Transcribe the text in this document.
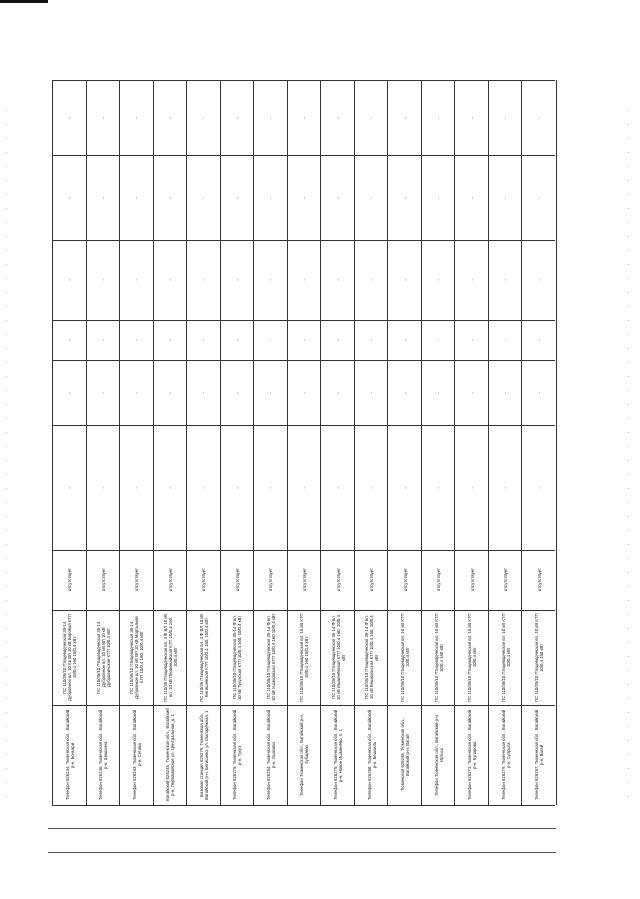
Телефон 626244, Тюменская обл., Вагайский р-н, Бочкари
ПС 110/35/10 Птицеводческая 35-14 Дубровное вл. 10 Кв ВЛ 10 кВ Боровая КТП 10/0,4 160 10/0,4 кВт
отсутствует
-
-
-
-
-
-
Телефон 626246, Тюменская обл., Вагайский р-н, Шишкина
ПС 110/35/10 Птицеводческая 35-14 Дубровное вл. 10 кВ ВЛ 10 кВ Дубровинское КТП 10/0,4 кВт
отсутствует
-
-
-
-
-
-
Телефон 626243, Тюменская обл., Вагайский р-н, Сетова
ПС 110/35/10 Птицеводческая 35-14 Дубровное вл. 10 кВ ВЛ 10 кВ Мартьянов КТП 10/0,4 160, 10/0,4 кВт
отсутствует
-
-
-
-
-
-
Вагайский 626245, Тюменская обл., Вагайский р-н, Первомайское ул. Центральная, д. 1
ПС 110/35 Птицеводческая вл. 4 Ф ВЛ 10 кВ вл. 10 кВ Первомайская КТП 10/0,4 160 10/0,4 кВт
отсутствует
-
-
-
-
-
-
Базовая станция 626279, Тюменская обл., Вагайский р-н, Бегишево, ул. Молодёжная, 1
ПС 110/35 Птицеводческая вл. 4 Ф ВЛ 10 кВ Бегишевская КТП 10/0,4 160, 10/0,4 кВт
отсутствует
-
-
-
-
-
-
Телефон 626276, Тюменская обл., Вагайский р-н, Тукуз
ПС 110/35/10 Птицеводческая 35-14 Ф вл. 10 кВ Тукузская КТП 10/0,4 160, 10/0,4 кВт
отсутствует
-
-
-
-
-
-
Телефон 626254, Тюменская обл., Вагайский р-н, Ушаково
ПС 110/35/10 Птицеводческая 35-14 Ф вл. 10 кВ Ушаковская КТП 10/0,4 160 10/0,4 кВт
отсутствует
-
-
-
-
-
-
Телефон Тюменская обл., Вагайский р-н, Зубарево
ПС 110/35/10 Птицеводческая вл. 10 кВ КТП 10/0,4 160 10/0,4 кВт
отсутствует
-
-
-
-
-
-
Телефон 626275, Тюменская обл., Вагайский р-н, Новое Ишменёво, п. 1
ПС 110/35/10 Птицеводческая 35-14 Ф вл. 10 кВ Ишменёвская КТП 10/0,4 160, 10/0,4 кВт
отсутствует
-
-
-
-
-
-
Телефон 626268, Тюменская обл., Вагайский р-н, Бешкиль
ПС 110/35/10 Птицеводческая 35-14 Ф вл. 10 кВ Бешкильская КТП 10/0,4 160, 10/0,4 кВт
отсутствует
-
-
-
-
-
-
Тюменская 626248, Тюменская обл., Вагайский р-н, Вагай
ПС 110/35/10 Птицеводческая вл. 10 кВ КТП 10/0,4 кВт
отсутствует
-
-
-
-
-
-
Телефон Тюменская обл., Вагайский р-н, Иртыш
ПС 110/35/10 Птицеводческая вл. 10 кВ КТП 10/0,4 160 кВт
отсутствует
-
-
-
-
-
-
Телефон 626273, Тюменская обл., Вагайский р-н, Куларово
ПС 110/35/10 Птицеводческая вл. 10 кВ КТП 10/0,4 кВт
отсутствует
-
-
-
-
-
-
Телефон 626279, Тюменская обл., Вагайский р-н, Супрыга
ПС 110/35/10 Птицеводческая вл. 10 кВ КТП 10/0,4 кВт
отсутствует
-
-
-
-
-
-
Телефон 626267, Тюменская обл., Вагайский р-н, Вагай
ПС 110/35/10 Птицеводческая вл. 10 кВ КТП 10/0,4 160 кВт
отсутствует
-
-
-
-
-
-
